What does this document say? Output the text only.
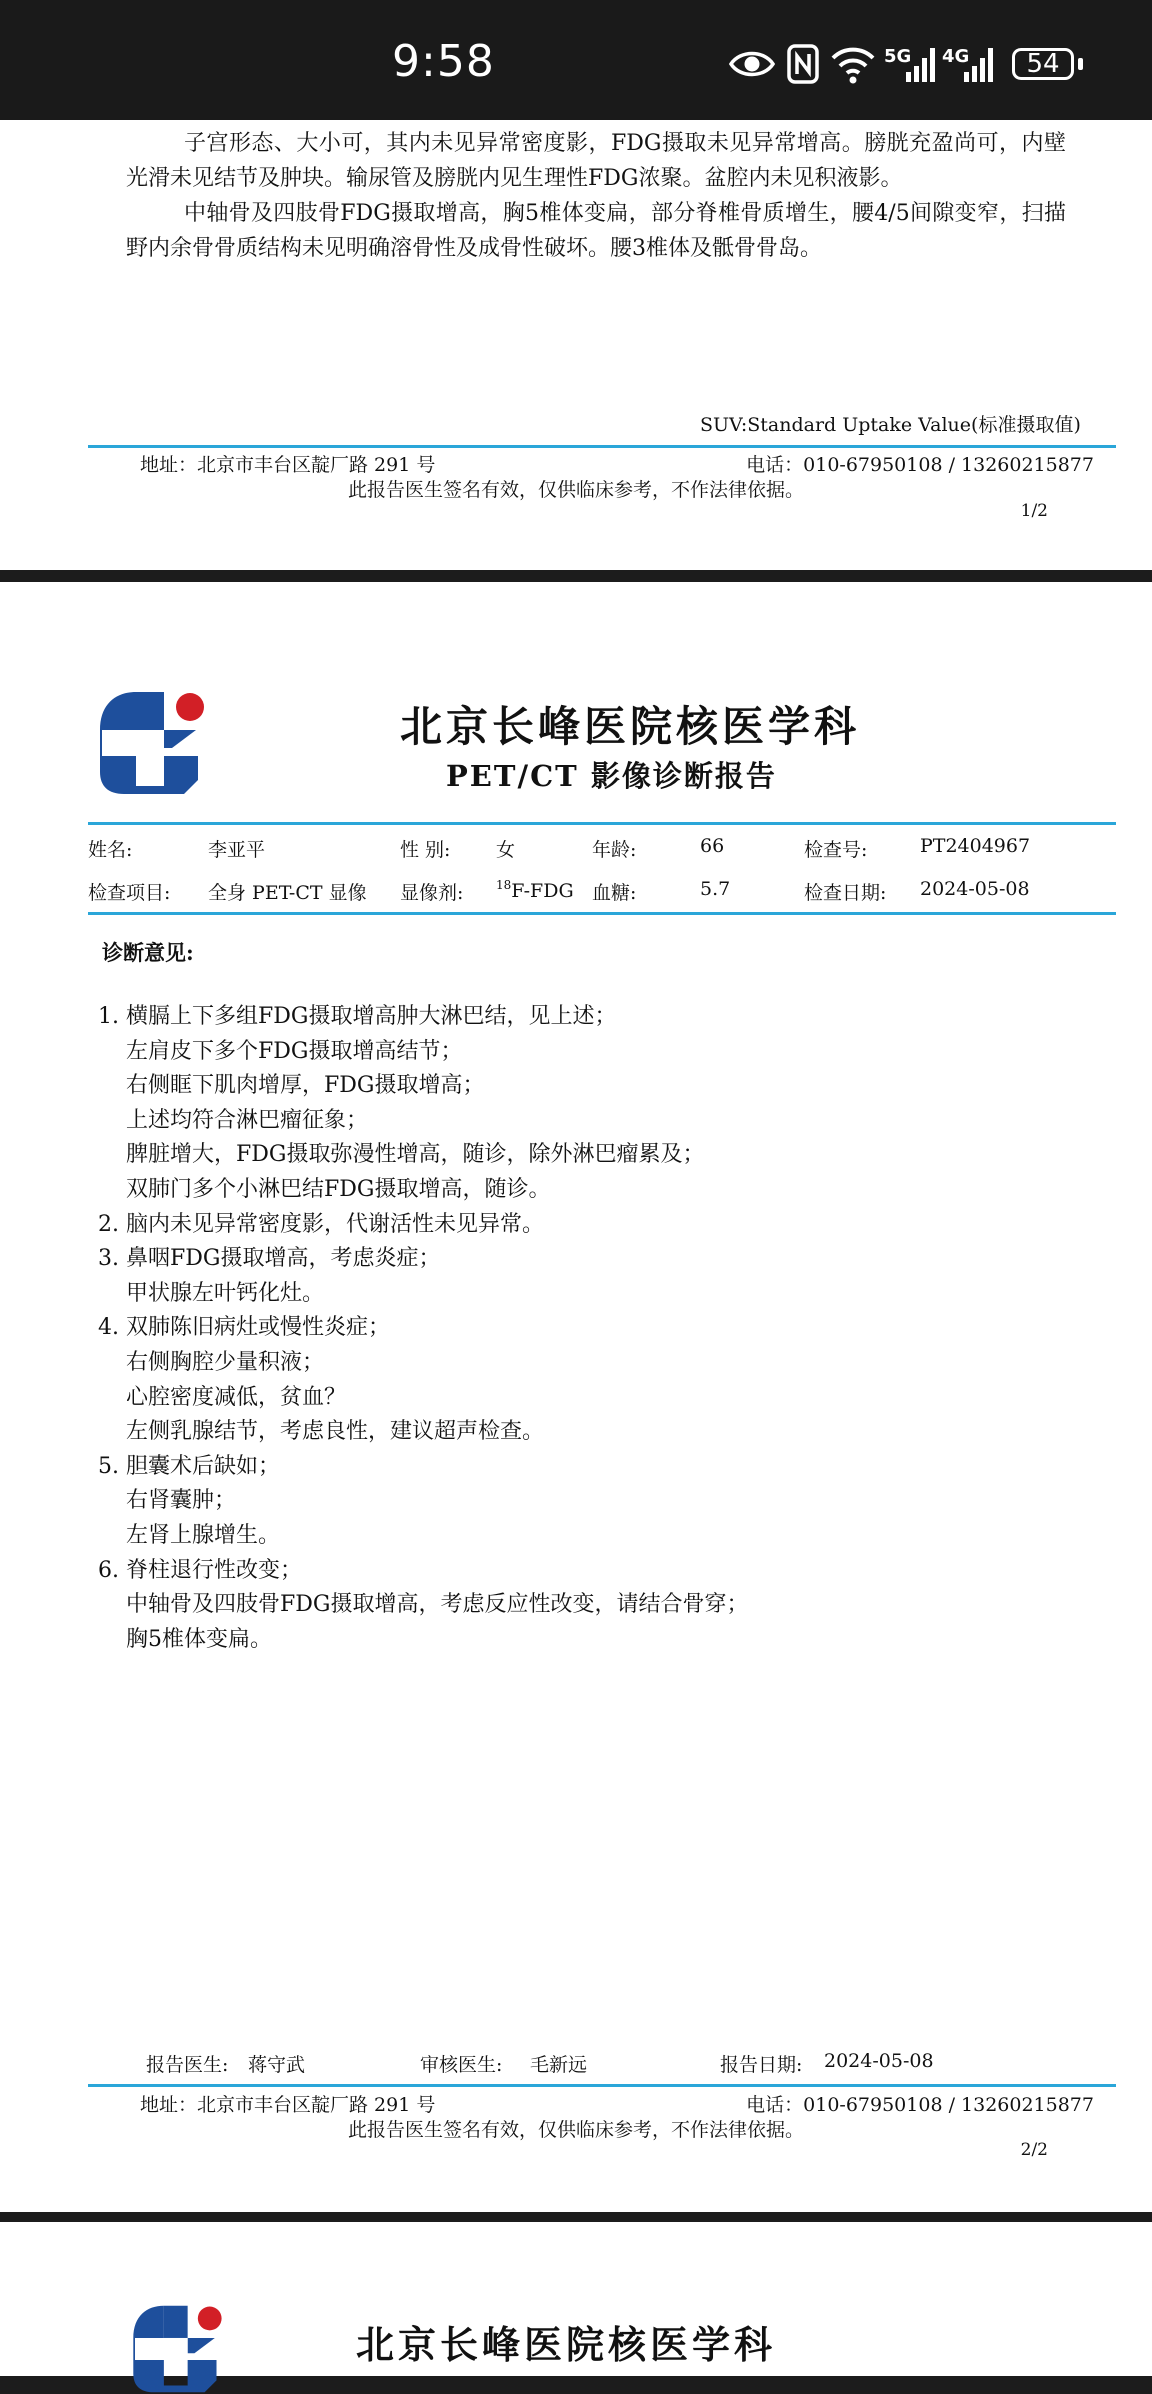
9:58	5G 4G	54

子宫形态、大小可，其内未见异常密度影，FDG摄取未见异常增高。膀胱充盈尚可，内壁光滑未见结节及肿块。输尿管及膀胱内见生理性FDG浓聚。盆腔内未见积液影。

中轴骨及四肢骨FDG摄取增高，胸5椎体变扁，部分脊椎骨质增生，腰4/5间隙变窄，扫描野内余骨骨质结构未见明确溶骨性及成骨性破坏。腰3椎体及骶骨骨岛。

SUV:Standard Uptake Value(标准摄取值)
地址：北京市丰台区靛厂路 291 号	电话：010-67950108 / 13260215877
此报告医生签名有效，仅供临床参考，不作法律依据。
1/2
北京长峰医院核医学科
PET/CT 影像诊断报告
姓名:	李亚平	性 别: 女	年龄:	66	检查号:	PT2404967
检查项目: 全身 PET-CT 显像 显像剂:	$^{18}$F-FDG 血糖:	5.7	检查日期: 2024-05-08
诊断意见:
1. 横膈上下多组FDG摄取增高肿大淋巴结，见上述；
左肩皮下多个FDG摄取增高结节；
右侧眶下肌肉增厚，FDG摄取增高；
上述均符合淋巴瘤征象；
脾脏增大，FDG摄取弥漫性增高，随诊，除外淋巴瘤累及；
双肺门多个小淋巴结FDG摄取增高，随诊。
2. 脑内未见异常密度影，代谢活性未见异常。
3. 鼻咽FDG摄取增高，考虑炎症；
甲状腺左叶钙化灶。
4. 双肺陈旧病灶或慢性炎症；
右侧胸腔少量积液；
心腔密度减低，贫血？
左侧乳腺结节，考虑良性，建议超声检查。
5. 胆囊术后缺如；
右肾囊肿；
左肾上腺增生。
6. 脊柱退行性改变；
中轴骨及四肢骨FDG摄取增高，考虑反应性改变，请结合骨穿；
胸5椎体变扁。
报告医生: 蒋守武	审核医生: 毛新远	报告日期: 2024-05-08
地址：北京市丰台区靛厂路 291 号	电话：010-67950108 / 13260215877
此报告医生签名有效，仅供临床参考，不作法律依据。
2/2
北京长峰医院核医学科
